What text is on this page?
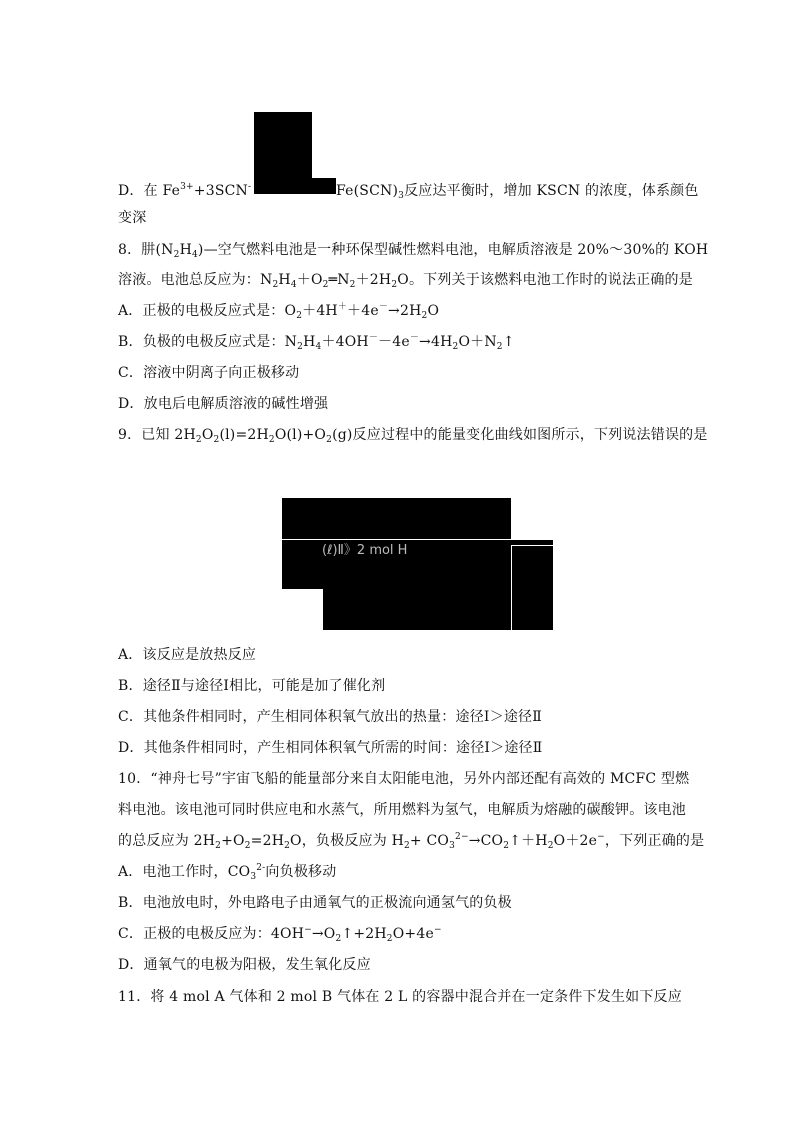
D．在 $Fe^{3+}+3SCN^-$	$Fe(SCN)_3$反应达平衡时，增加 KSCN 的浓度，体系颜色
变深
8．肼$(N_2H_4)—$空气燃料电池是一种环保型碱性燃料电池，电解质溶液是 20%～30%的 KOH
溶液。电池总反应为：$N_2H_4+O_2═N_2+2H_2O$。下列关于该燃料电池工作时的说法正确的是
A．正极的电极反应式是：$O_2+4H^++4e^-\to 2H_2O$
B．负极的电极反应式是：$N_2H_4+4OH^--4e^-\to 4H_2O+N_2↑$
C．溶液中阴离子向正极移动
D．放电后电解质溶液的碱性增强
9．已知 $2H_2O_2(l)=2H_2O(l)+O_2(g)$反应过程中的能量变化曲线如图所示，下列说法错误的是
(ℓ)Ⅱ》2 mol H
A．该反应是放热反应
B．途径Ⅱ与途径Ⅰ相比，可能是加了催化剂
C．其他条件相同时，产生相同体积氧气放出的热量：途径Ⅰ＞途径Ⅱ
D．其他条件相同时，产生相同体积氧气所需的时间：途径Ⅰ＞途径Ⅱ
10．“神舟七号”宇宙飞船的能量部分来自太阳能电池，另外内部还配有高效的 MCFC 型燃
料电池。该电池可同时供应电和水蒸气，所用燃料为氢气，电解质为熔融的碳酸钾。该电池
的总反应为 $2H_2+O_2=2H_2O$，负极反应为 $H_2+$ $CO_3^{2-}\to CO_2↑+H_2O+2e^-$，下列正确的是
A．电池工作时，$CO_3^{2-}$向负极移动
B．电池放电时，外电路电子由通氧气的正极流向通氢气的负极
C．正极的电极反应为：$4OH^-\to O_2↑+2H_2O+4e^-$
D．通氧气的电极为阳极，发生氧化反应
11．将 4 mol A 气体和 2 mol B 气体在 2 L 的容器中混合并在一定条件下发生如下反应
